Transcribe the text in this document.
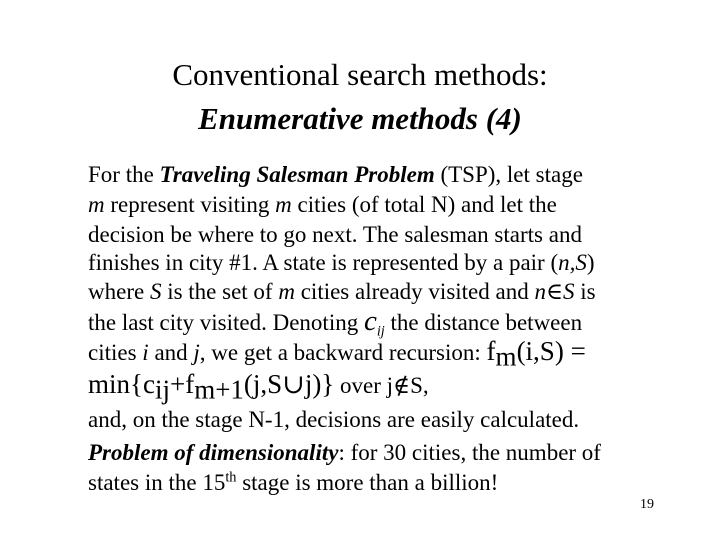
Conventional search methods:
Enumerative methods (4)
For the Traveling Salesman Problem (TSP), let stage
m represent visiting m cities (of total N) and let the
decision be where to go next. The salesman starts and
finishes in city #1. A state is represented by a pair (n,S)
where S is the set of m cities already visited and n∈S is
the last city visited. Denoting $c_{ij}$ the distance between
cities i and j, we get a backward recursion: $f_m(i,S)$ =
$\min\{c_{ij}+f_{m+1}(j,S\cup j)\}$ over j∉S,
and, on the stage N-1, decisions are easily calculated.
Problem of dimensionality: for 30 cities, the number of
states in the 15th stage is more than a billion!
19
